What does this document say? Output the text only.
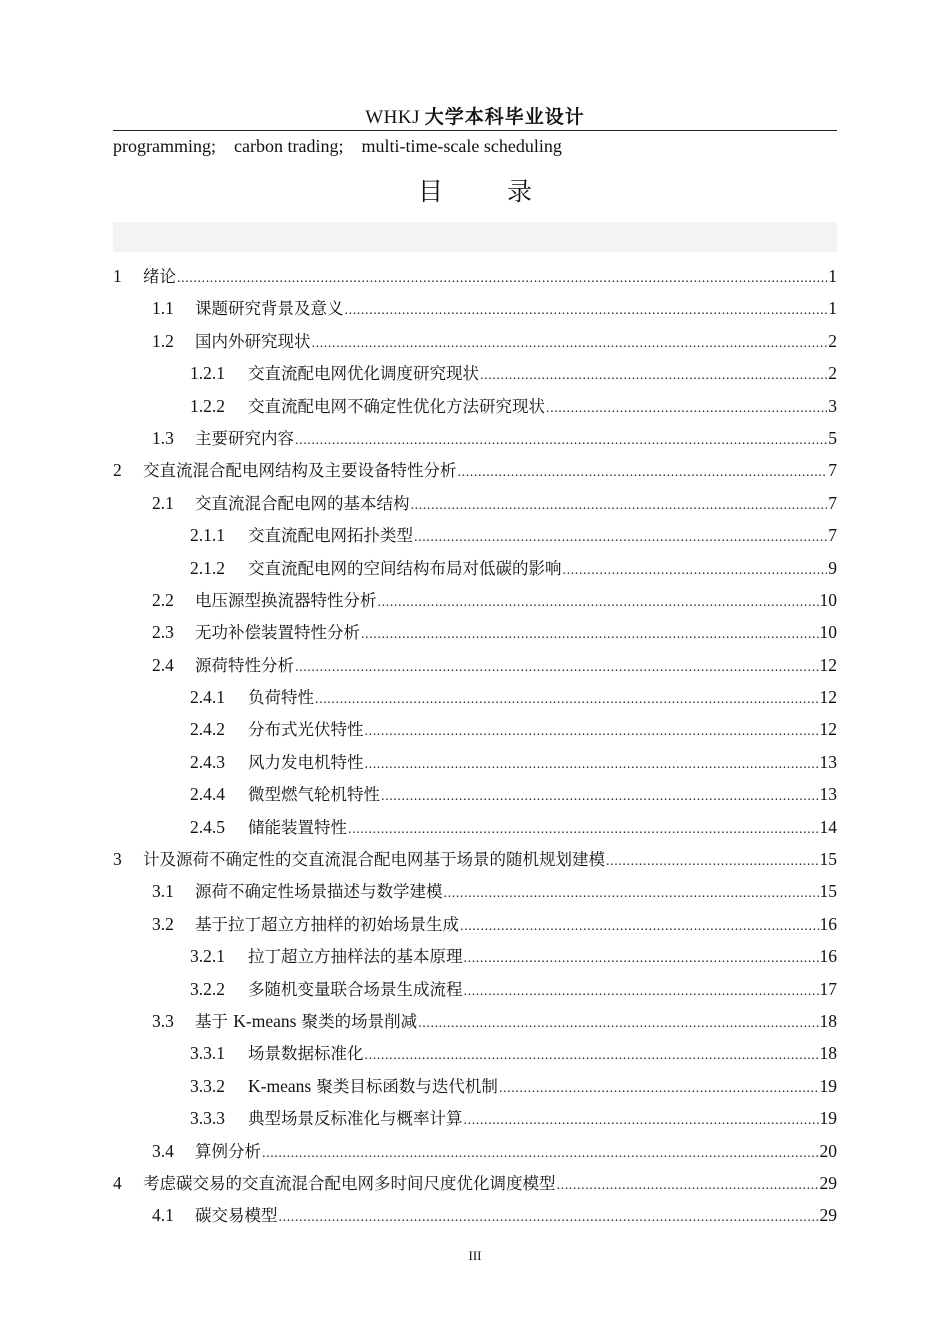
WHKJ 大学本科毕业设计
programming;    carbon trading;    multi-time-scale scheduling
目 录
1	绪论 .....	1
1.1	课题研究背景及意义 .....	1
1.2	国内外研究现状 .....	2
1.2.1	交直流配电网优化调度研究现状 .....	2
1.2.2	交直流配电网不确定性优化方法研究现状 .....	3
1.3	主要研究内容 .....	5
2	交直流混合配电网结构及主要设备特性分析 .....	7
2.1	交直流混合配电网的基本结构 .....	7
2.1.1	交直流配电网拓扑类型 .....	7
2.1.2	交直流配电网的空间结构布局对低碳的影响 .....	9
2.2	电压源型换流器特性分析 .....	10
2.3	无功补偿装置特性分析 .....	10
2.4	源荷特性分析 .....	12
2.4.1	负荷特性 .....	12
2.4.2	分布式光伏特性 .....	12
2.4.3	风力发电机特性 .....	13
2.4.4	微型燃气轮机特性 .....	13
2.4.5	储能装置特性 .....	14
3	计及源荷不确定性的交直流混合配电网基于场景的随机规划建模 .....	15
3.1	源荷不确定性场景描述与数学建模 .....	15
3.2	基于拉丁超立方抽样的初始场景生成 .....	16
3.2.1	拉丁超立方抽样法的基本原理 .....	16
3.2.2	多随机变量联合场景生成流程 .....	17
3.3	基于 K-means 聚类的场景削减 .....	18
3.3.1	场景数据标准化 .....	18
3.3.2	K-means 聚类目标函数与迭代机制 .....	19
3.3.3	典型场景反标准化与概率计算 .....	19
3.4	算例分析 .....	20
4	考虑碳交易的交直流混合配电网多时间尺度优化调度模型 .....	29
4.1	碳交易模型 .....	29
III
